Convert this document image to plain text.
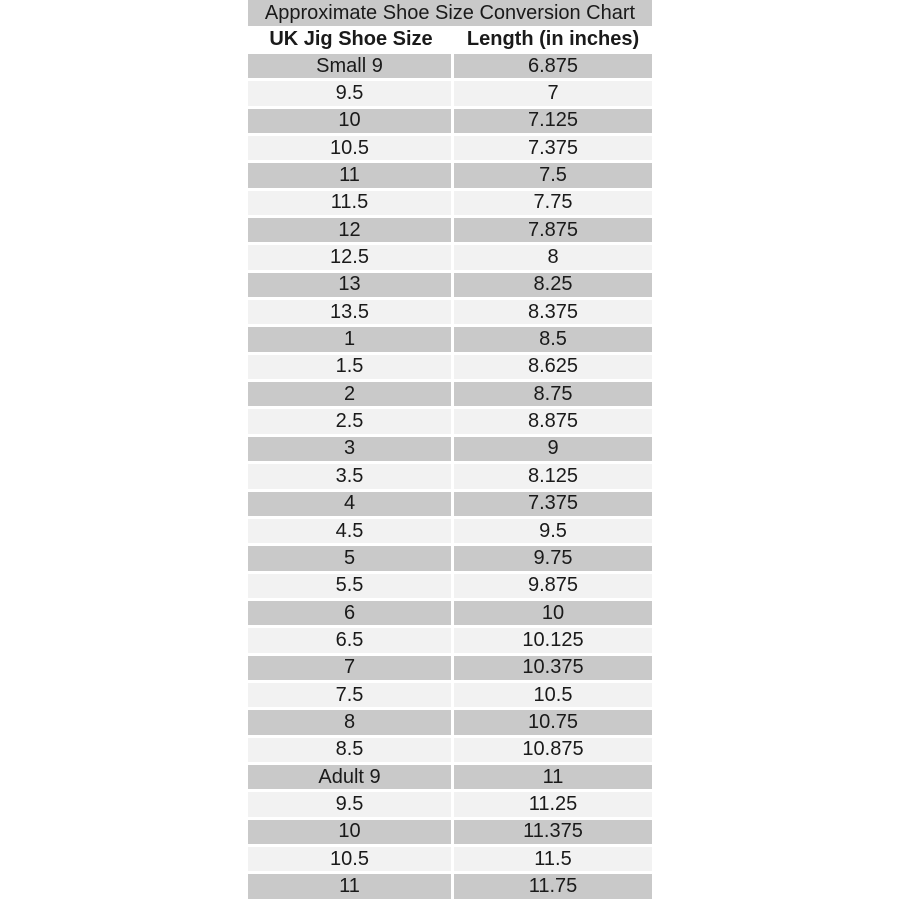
Approximate Shoe Size Conversion Chart
UK Jig Shoe Size	Length (in inches)
Small 9	6.875
9.5	7
10	7.125
10.5	7.375
11	7.5
11.5	7.75
12	7.875
12.5	8
13	8.25
13.5	8.375
1	8.5
1.5	8.625
2	8.75
2.5	8.875
3	9
3.5	8.125
4	7.375
4.5	9.5
5	9.75
5.5	9.875
6	10
6.5	10.125
7	10.375
7.5	10.5
8	10.75
8.5	10.875
Adult 9	11
9.5	11.25
10	11.375
10.5	11.5
11	11.75
